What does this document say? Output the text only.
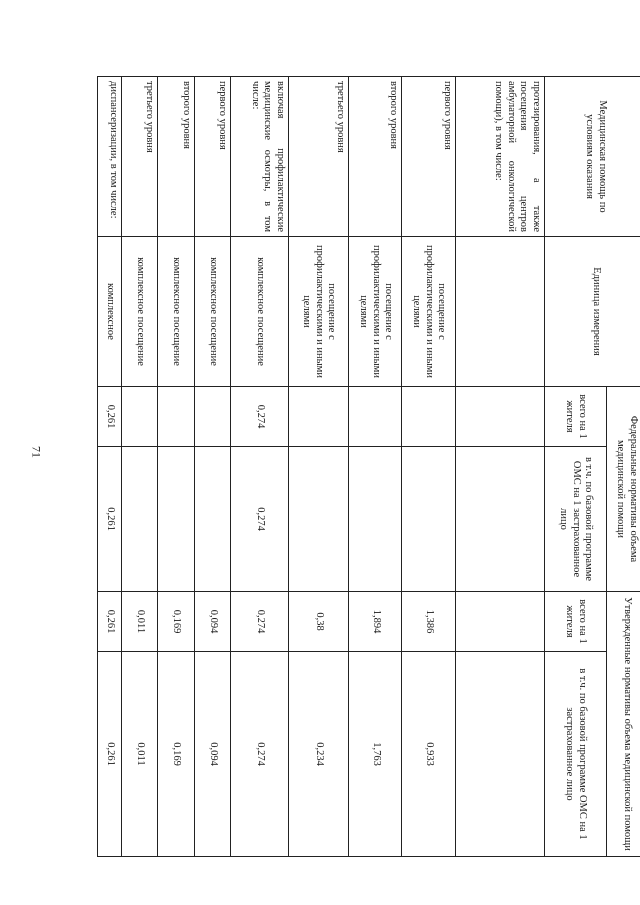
71
Медицинская помощь по условиям оказания	Единица измерения	Федеральные нормативы объема медицинской помощи		Утвержденные нормативы объема медицинской помощи	
		всего на 1 жителя	в т.ч. по базовой программе ОМС на 1 застрахованное лицо	всего на 1 жителя	в т.ч. по базовой программе ОМС на 1 застрахованное лицо
протезирования, а также посещения центров амбулаторной онкологической помощи), в том числе:					
первого уровня	посещение с профилактическими и иными целями			1,386	0,933
второго уровня	посещение с профилактическими и иными целями			1,894	1,763
третьего уровня	посещение с профилактическими и иными целями			0,38	0,234
включая профилактические медицинские осмотры, в том числе:	комплексное посещение	0,274	0,274	0,274	0,274
первого уровня	комплексное посещение			0,094	0,094
второго уровня	комплексное посещение			0,169	0,169
третьего уровня	комплексное посещение			0,011	0,011
диспансеризации, в том числе:	комплексное	0,261	0,261	0,261	0,261
